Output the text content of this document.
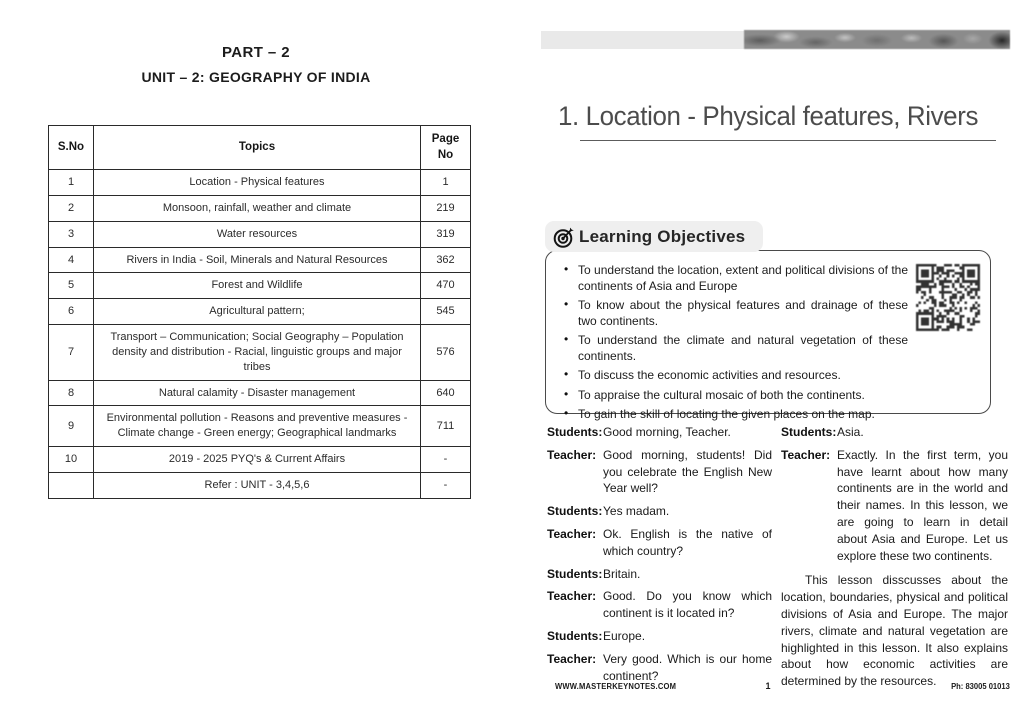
PART – 2
UNIT – 2: GEOGRAPHY OF INDIA
S.No	Topics	Page No
1	Location - Physical features	1
2	Monsoon, rainfall, weather and climate	219
3	Water resources	319
4	Rivers in India - Soil, Minerals and Natural Resources	362
5	Forest and Wildlife	470
6	Agricultural pattern;	545
7	Transport – Communication; Social Geography – Population density and distribution - Racial, linguistic groups and major tribes	576
8	Natural calamity - Disaster management	640
9	Environmental pollution - Reasons and preventive measures - Climate change - Green energy; Geographical landmarks	711
10	2019 - 2025 PYQ's & Current Affairs	-
	Refer : UNIT - 3,4,5,6	-
1. Location - Physical features, Rivers
Learning Objectives
• To understand the location, extent and political divisions of the continents of Asia and Europe
• To know about the physical features and drainage of these two continents.
• To understand the climate and natural vegetation of these continents.
• To discuss the economic activities and resources.
• To appraise the cultural mosaic of both the continents.
• To gain the skill of locating the given places on the map.
Students:Good morning, Teacher.
Teacher: Good morning, students! Did you celebrate the English New Year well?
Students:Yes madam.
Teacher: Ok. English is the native of which country?
Students:Britain.
Teacher: Good. Do you know which continent is it located in?
Students:Europe.
Teacher: Very good. Which is our home continent?
Students:Asia.
Teacher: Exactly. In the first term, you have learnt about how many continents are in the world and their names. In this lesson, we are going to learn in detail about Asia and Europe. Let us explore these two continents.
This lesson disscusses about the location, boundaries, physical and political divisions of Asia and Europe. The major rivers, climate and natural vegetation are highlighted in this lesson. It also explains about how economic activities are determined by the resources.
WWW.MASTERKEYNOTES.COM	1	Ph: 83005 01013
